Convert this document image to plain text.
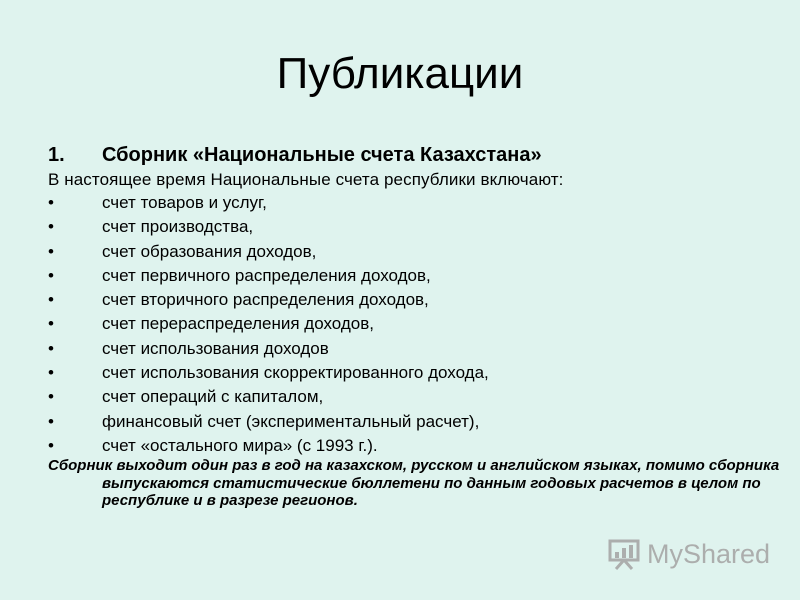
Публикации
1. Сборник «Национальные счета Казахстана»
В настоящее время Национальные счета республики включают:
•	счет товаров и услуг,
•	счет производства,
•	счет образования доходов,
•	счет первичного распределения доходов,
•	счет вторичного распределения доходов,
•	счет перераспределения доходов,
•	счет использования доходов
•	счет использования скорректированного дохода,
•	счет операций с капиталом,
•	финансовый счет (экспериментальный расчет),
•	счет «остального мира» (с 1993 г.).
Сборник выходит один раз в год на казахском, русском и английском языках, помимо сборника выпускаются статистические бюллетени по данным годовых расчетов в целом по республике и в разрезе регионов.
MyShared
